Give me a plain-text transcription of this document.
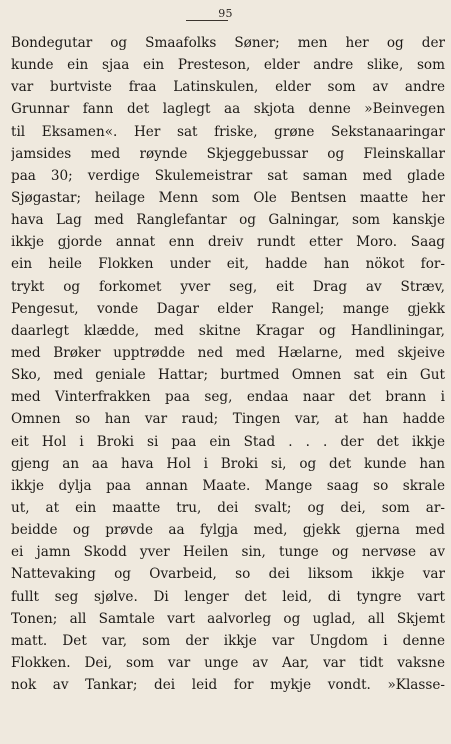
95
Bondegutar og Smaafolks Søner; men her og der
kunde ein sjaa ein Presteson, elder andre slike, som
var burtviste fraa Latinskulen, elder som av andre
Grunnar fann det laglegt aa skjota denne »Beinvegen
til Eksamen«. Her sat friske, grøne Sekstanaaringar
jamsides med røynde Skjeggebussar og Fleinskallar
paa 30; verdige Skulemeistrar sat saman med glade
Sjøgastar; heilage Menn som Ole Bentsen maatte her
hava Lag med Ranglefantar og Galningar, som kanskje
ikkje gjorde annat enn dreiv rundt etter Moro. Saag
ein heile Flokken under eit, hadde han nökot for-
trykt og forkomet yver seg, eit Drag av Stræv,
Pengesut, vonde Dagar elder Rangel; mange gjekk
daarlegt klædde, med skitne Kragar og Handliningar,
med Brøker upptrødde ned med Hælarne, med skjeive
Sko, med geniale Hattar; burtmed Omnen sat ein Gut
med Vinterfrakken paa seg, endaa naar det brann i
Omnen so han var raud; Tingen var, at han hadde
eit Hol i Broki si paa ein Stad . . . der det ikkje
gjeng an aa hava Hol i Broki si, og det kunde han
ikkje dylja paa annan Maate. Mange saag so skrale
ut, at ein maatte tru, dei svalt; og dei, som ar-
beidde og prøvde aa fylgja med, gjekk gjerna med
ei jamn Skodd yver Heilen sin, tunge og nervøse av
Nattevaking og Ovarbeid, so dei liksom ikkje var
fullt seg sjølve. Di lenger det leid, di tyngre vart
Tonen; all Samtale vart aalvorleg og uglad, all Skjemt
matt. Det var, som der ikkje var Ungdom i denne
Flokken. Dei, som var unge av Aar, var tidt vaksne
nok av Tankar; dei leid for mykje vondt. »Klasse-
